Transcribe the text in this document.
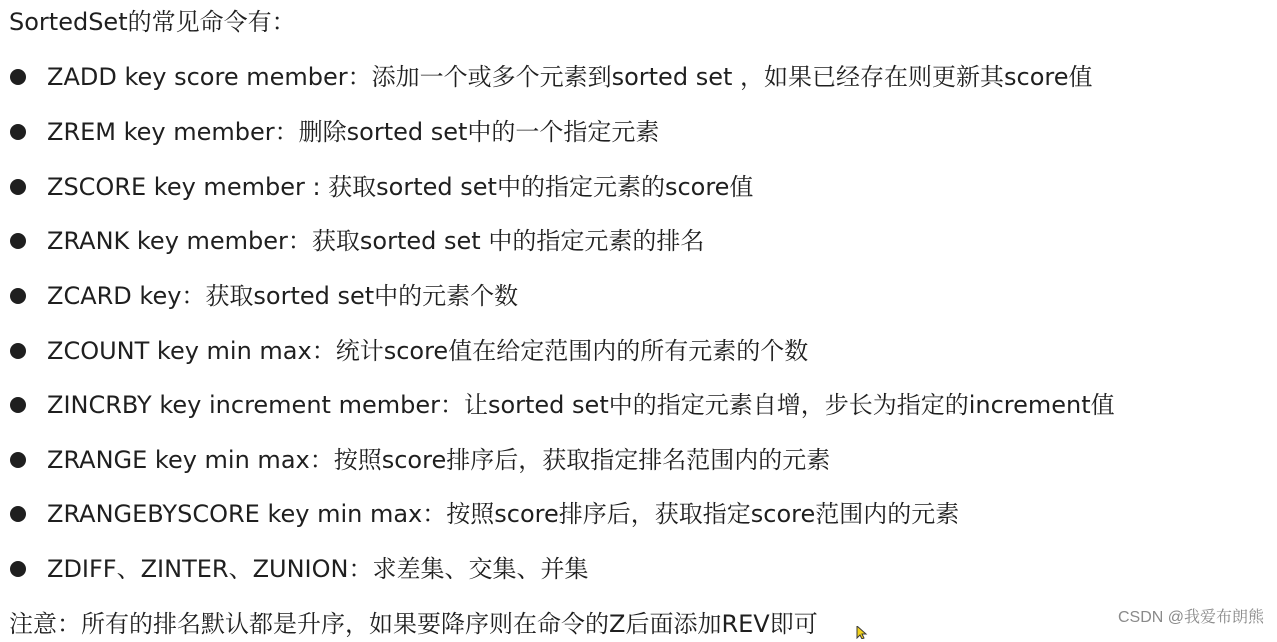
SortedSet的常见命令有：
ZADD key score member：添加一个或多个元素到sorted set ，如果已经存在则更新其score值
ZREM key member：删除sorted set中的一个指定元素
ZSCORE key member : 获取sorted set中的指定元素的score值
ZRANK key member：获取sorted set 中的指定元素的排名
ZCARD key：获取sorted set中的元素个数
ZCOUNT key min max：统计score值在给定范围内的所有元素的个数
ZINCRBY key increment member：让sorted set中的指定元素自增，步长为指定的increment值
ZRANGE key min max：按照score排序后，获取指定排名范围内的元素
ZRANGEBYSCORE key min max：按照score排序后，获取指定score范围内的元素
ZDIFF、ZINTER、ZUNION：求差集、交集、并集
注意：所有的排名默认都是升序，如果要降序则在命令的Z后面添加REV即可	CSDN @我爱布朗熊
